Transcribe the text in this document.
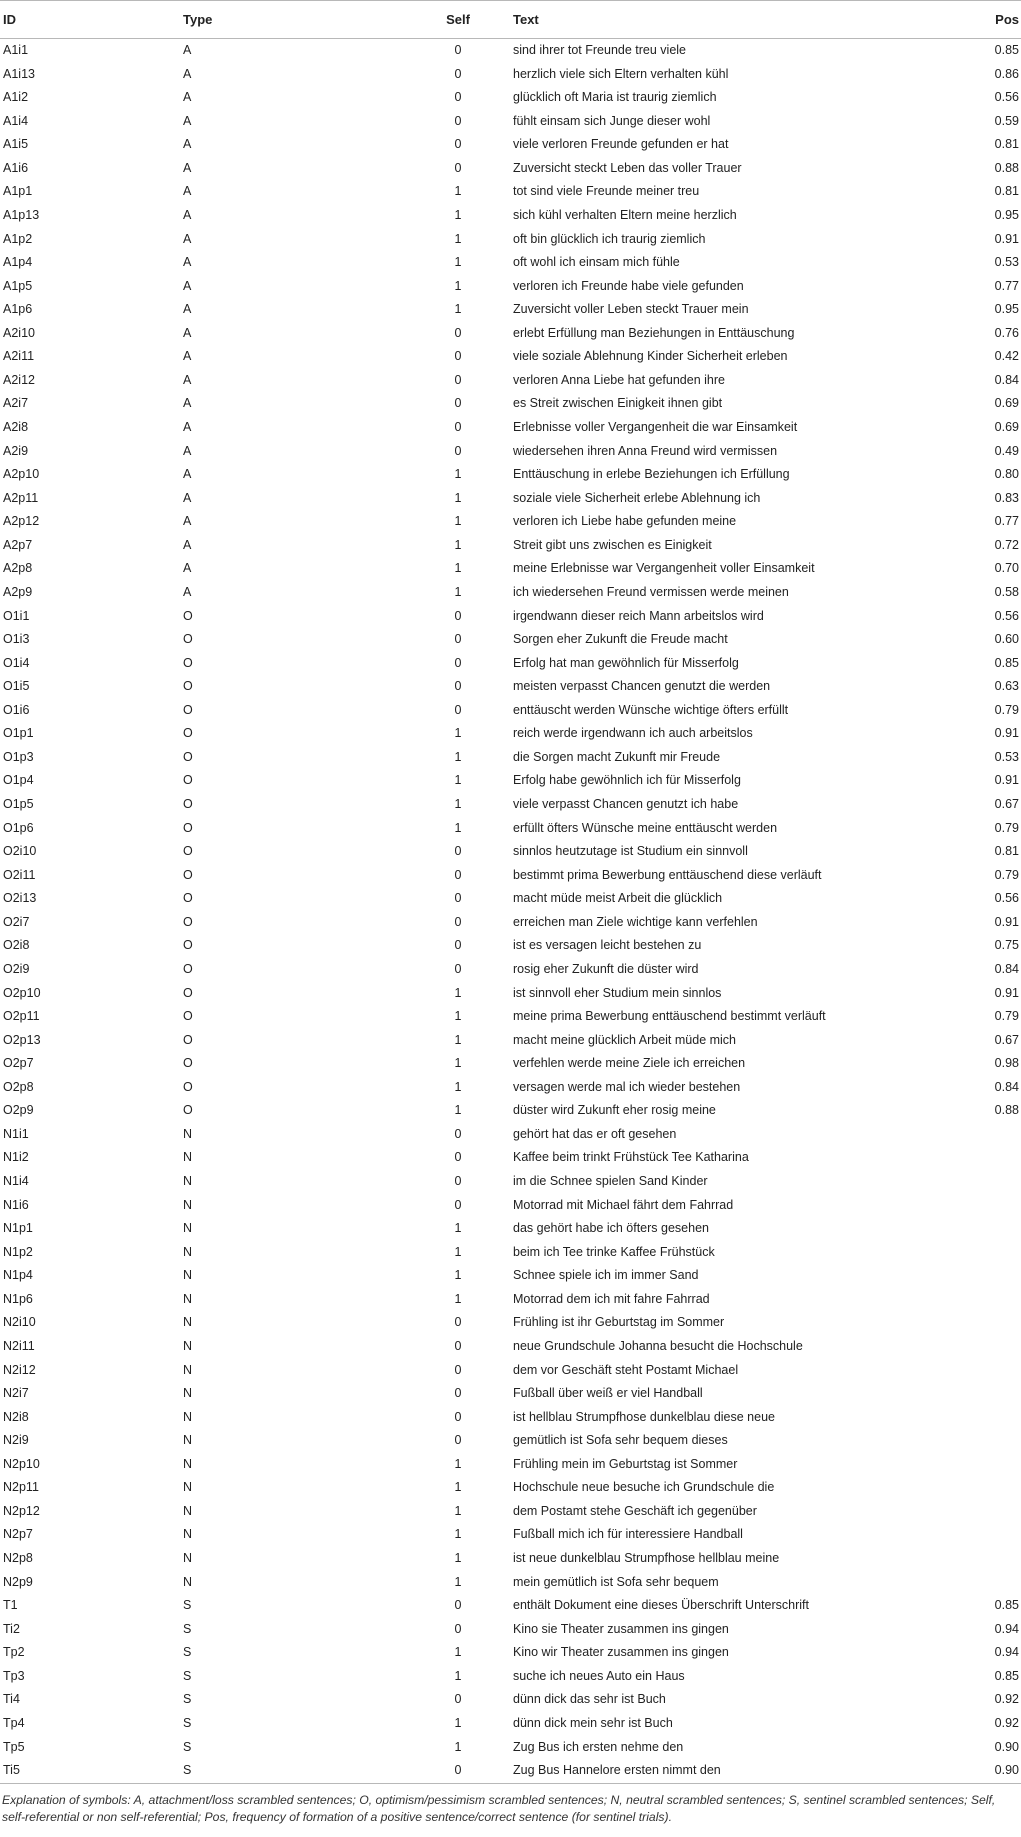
ID	Type	Self	Text	Pos
A1i1	A	0	sind ihrer tot Freunde treu viele	0.85
A1i13	A	0	herzlich viele sich Eltern verhalten kühl	0.86
A1i2	A	0	glücklich oft Maria ist traurig ziemlich	0.56
A1i4	A	0	fühlt einsam sich Junge dieser wohl	0.59
A1i5	A	0	viele verloren Freunde gefunden er hat	0.81
A1i6	A	0	Zuversicht steckt Leben das voller Trauer	0.88
A1p1	A	1	tot sind viele Freunde meiner treu	0.81
A1p13	A	1	sich kühl verhalten Eltern meine herzlich	0.95
A1p2	A	1	oft bin glücklich ich traurig ziemlich	0.91
A1p4	A	1	oft wohl ich einsam mich fühle	0.53
A1p5	A	1	verloren ich Freunde habe viele gefunden	0.77
A1p6	A	1	Zuversicht voller Leben steckt Trauer mein	0.95
A2i10	A	0	erlebt Erfüllung man Beziehungen in Enttäuschung	0.76
A2i11	A	0	viele soziale Ablehnung Kinder Sicherheit erleben	0.42
A2i12	A	0	verloren Anna Liebe hat gefunden ihre	0.84
A2i7	A	0	es Streit zwischen Einigkeit ihnen gibt	0.69
A2i8	A	0	Erlebnisse voller Vergangenheit die war Einsamkeit	0.69
A2i9	A	0	wiedersehen ihren Anna Freund wird vermissen	0.49
A2p10	A	1	Enttäuschung in erlebe Beziehungen ich Erfüllung	0.80
A2p11	A	1	soziale viele Sicherheit erlebe Ablehnung ich	0.83
A2p12	A	1	verloren ich Liebe habe gefunden meine	0.77
A2p7	A	1	Streit gibt uns zwischen es Einigkeit	0.72
A2p8	A	1	meine Erlebnisse war Vergangenheit voller Einsamkeit	0.70
A2p9	A	1	ich wiedersehen Freund vermissen werde meinen	0.58
O1i1	O	0	irgendwann dieser reich Mann arbeitslos wird	0.56
O1i3	O	0	Sorgen eher Zukunft die Freude macht	0.60
O1i4	O	0	Erfolg hat man gewöhnlich für Misserfolg	0.85
O1i5	O	0	meisten verpasst Chancen genutzt die werden	0.63
O1i6	O	0	enttäuscht werden Wünsche wichtige öfters erfüllt	0.79
O1p1	O	1	reich werde irgendwann ich auch arbeitslos	0.91
O1p3	O	1	die Sorgen macht Zukunft mir Freude	0.53
O1p4	O	1	Erfolg habe gewöhnlich ich für Misserfolg	0.91
O1p5	O	1	viele verpasst Chancen genutzt ich habe	0.67
O1p6	O	1	erfüllt öfters Wünsche meine enttäuscht werden	0.79
O2i10	O	0	sinnlos heutzutage ist Studium ein sinnvoll	0.81
O2i11	O	0	bestimmt prima Bewerbung enttäuschend diese verläuft	0.79
O2i13	O	0	macht müde meist Arbeit die glücklich	0.56
O2i7	O	0	erreichen man Ziele wichtige kann verfehlen	0.91
O2i8	O	0	ist es versagen leicht bestehen zu	0.75
O2i9	O	0	rosig eher Zukunft die düster wird	0.84
O2p10	O	1	ist sinnvoll eher Studium mein sinnlos	0.91
O2p11	O	1	meine prima Bewerbung enttäuschend bestimmt verläuft	0.79
O2p13	O	1	macht meine glücklich Arbeit müde mich	0.67
O2p7	O	1	verfehlen werde meine Ziele ich erreichen	0.98
O2p8	O	1	versagen werde mal ich wieder bestehen	0.84
O2p9	O	1	düster wird Zukunft eher rosig meine	0.88
N1i1	N	0	gehört hat das er oft gesehen	
N1i2	N	0	Kaffee beim trinkt Frühstück Tee Katharina	
N1i4	N	0	im die Schnee spielen Sand Kinder	
N1i6	N	0	Motorrad mit Michael fährt dem Fahrrad	
N1p1	N	1	das gehört habe ich öfters gesehen	
N1p2	N	1	beim ich Tee trinke Kaffee Frühstück	
N1p4	N	1	Schnee spiele ich im immer Sand	
N1p6	N	1	Motorrad dem ich mit fahre Fahrrad	
N2i10	N	0	Frühling ist ihr Geburtstag im Sommer	
N2i11	N	0	neue Grundschule Johanna besucht die Hochschule	
N2i12	N	0	dem vor Geschäft steht Postamt Michael	
N2i7	N	0	Fußball über weiß er viel Handball	
N2i8	N	0	ist hellblau Strumpfhose dunkelblau diese neue	
N2i9	N	0	gemütlich ist Sofa sehr bequem dieses	
N2p10	N	1	Frühling mein im Geburtstag ist Sommer	
N2p11	N	1	Hochschule neue besuche ich Grundschule die	
N2p12	N	1	dem Postamt stehe Geschäft ich gegenüber	
N2p7	N	1	Fußball mich ich für interessiere Handball	
N2p8	N	1	ist neue dunkelblau Strumpfhose hellblau meine	
N2p9	N	1	mein gemütlich ist Sofa sehr bequem	
T1	S	0	enthält Dokument eine dieses Überschrift Unterschrift	0.85
Ti2	S	0	Kino sie Theater zusammen ins gingen	0.94
Tp2	S	1	Kino wir Theater zusammen ins gingen	0.94
Tp3	S	1	suche ich neues Auto ein Haus	0.85
Ti4	S	0	dünn dick das sehr ist Buch	0.92
Tp4	S	1	dünn dick mein sehr ist Buch	0.92
Tp5	S	1	Zug Bus ich ersten nehme den	0.90
Ti5	S	0	Zug Bus Hannelore ersten nimmt den	0.90
Explanation of symbols: A, attachment/loss scrambled sentences; O, optimism/pessimism scrambled sentences; N, neutral scrambled sentences; S, sentinel scrambled sentences; Self, self-referential or non self-referential; Pos, frequency of formation of a positive sentence/correct sentence (for sentinel trials).
